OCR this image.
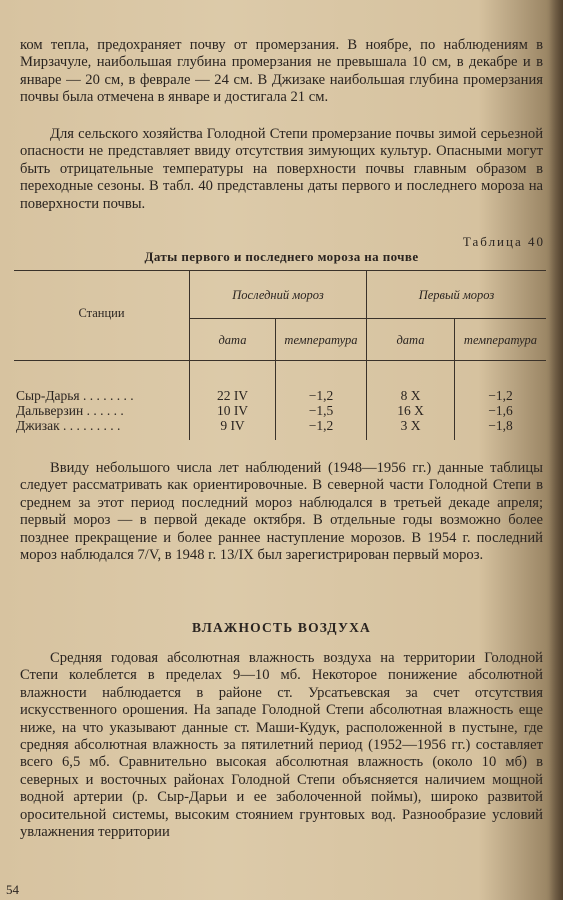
ком тепла, предохраняет почву от промерзания. В ноябре, по наблюдениям в Мирзачуле, наибольшая глубина промерзания не превышала 10 см, в декабре и в январе — 20 см, в феврале — 24 см. В Джизаке наибольшая глубина промерзания почвы была отмечена в январе и достигала 21 см.

Для сельского хозяйства Голодной Степи промерзание почвы зимой серьезной опасности не представляет ввиду отсутствия зимующих культур. Опасными могут быть отрицательные температуры на поверхности почвы главным образом в переходные сезоны. В табл. 40 представлены даты первого и последнего мороза на поверхности почвы.

Таблица 40
Даты первого и последнего мороза на почве
Станции
Последний мороз	Первый мороз
дата	температура	дата	температура
Сыр-Дарья . . . . . . . .	22 IV	−1,2	8 X	−1,2
Дальверзин . . . . . .	10 IV	−1,5	16 X	−1,6
Джизак . . . . . . . . .	9 IV	−1,2	3 X	−1,8

Ввиду небольшого числа лет наблюдений (1948—1956 гг.) данные таблицы следует рассматривать как ориентировочные. В северной части Голодной Степи в среднем за этот период последний мороз наблюдался в третьей декаде апреля; первый мороз — в первой декаде октября. В отдельные годы возможно более позднее прекращение и более раннее наступление морозов. В 1954 г. последний мороз наблюдался 7/V, в 1948 г. 13/IX был зарегистрирован первый мороз.

ВЛАЖНОСТЬ ВОЗДУХА

Средняя годовая абсолютная влажность воздуха на территории Голодной Степи колеблется в пределах 9—10 мб. Некоторое понижение абсолютной влажности наблюдается в районе ст. Урсатьевская за счет отсутствия искусственного орошения. На западе Голодной Степи абсолютная влажность еще ниже, на что указывают данные ст. Маши-Кудук, расположенной в пустыне, где средняя абсолютная влажность за пятилетний период (1952—1956 гг.) составляет всего 6,5 мб. Сравнительно высокая абсолютная влажность (около 10 мб) в северных и восточных районах Голодной Степи объясняется наличием мощной водной артерии (р. Сыр-Дарьи и ее заболоченной поймы), широко развитой оросительной системы, высоким стоянием грунтовых вод. Разнообразие условий увлажнения территории

54
